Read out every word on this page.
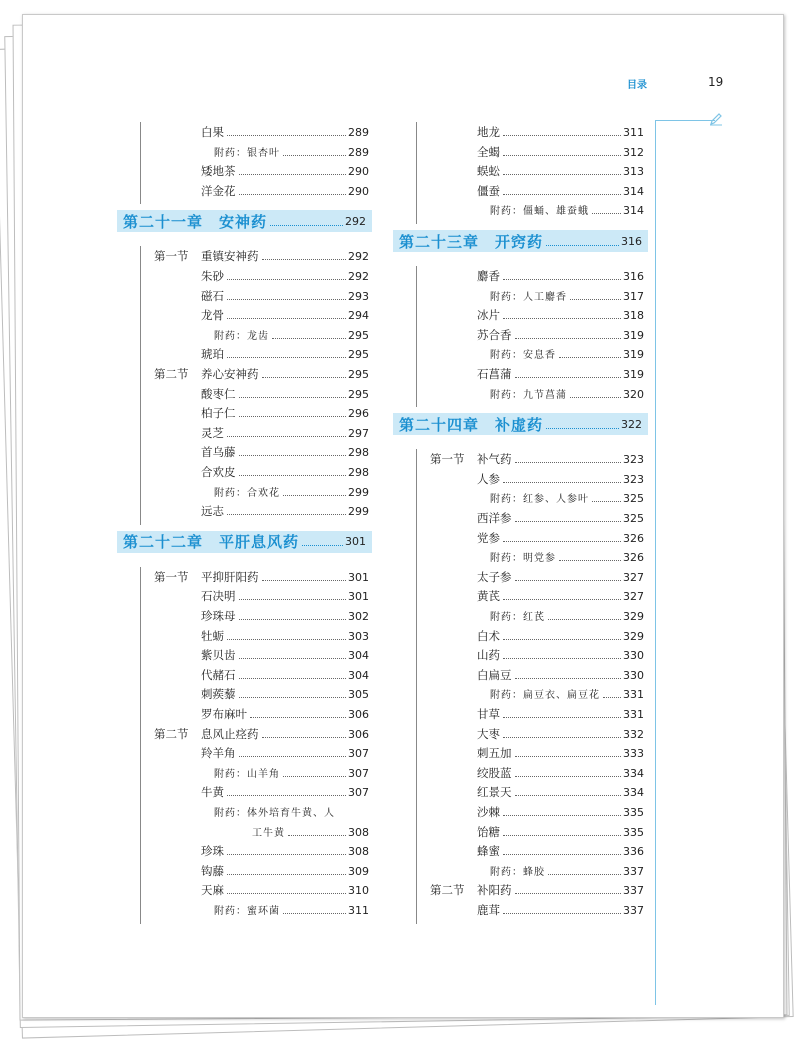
目录	19
白果	289
附药：银杏叶	289
矮地茶	290
洋金花	290
第二十一章　安神药	292
第一节	重镇安神药	292
朱砂	292
磁石	293
龙骨	294
附药：龙齿	295
琥珀	295
第二节	养心安神药	295
酸枣仁	295
柏子仁	296
灵芝	297
首乌藤	298
合欢皮	298
附药：合欢花	299
远志	299
第二十二章　平肝息风药	301
第一节	平抑肝阳药	301
石决明	301
珍珠母	302
牡蛎	303
紫贝齿	304
代赭石	304
刺蒺藜	305
罗布麻叶	306
第二节	息风止痉药	306
羚羊角	307
附药：山羊角	307
牛黄	307
附药：体外培育牛黄、人
工牛黄	308
珍珠	308
钩藤	309
天麻	310
附药：蜜环菌	311
地龙	311
全蝎	312
蜈蚣	313
僵蚕	314
附药：僵蛹、雄蚕蛾	314
第二十三章　开窍药	316
麝香	316
附药：人工麝香	317
冰片	318
苏合香	319
附药：安息香	319
石菖蒲	319
附药：九节菖蒲	320
第二十四章　补虚药	322
第一节	补气药	323
人参	323
附药：红参、人参叶	325
西洋参	325
党参	326
附药：明党参	326
太子参	327
黄芪	327
附药：红芪	329
白术	329
山药	330
白扁豆	330
附药：扁豆衣、扁豆花 331
甘草	331
大枣	332
刺五加	333
绞股蓝	334
红景天	334
沙棘	335
饴糖	335
蜂蜜	336
附药：蜂胶	337
第二节	补阳药	337
鹿茸	337
